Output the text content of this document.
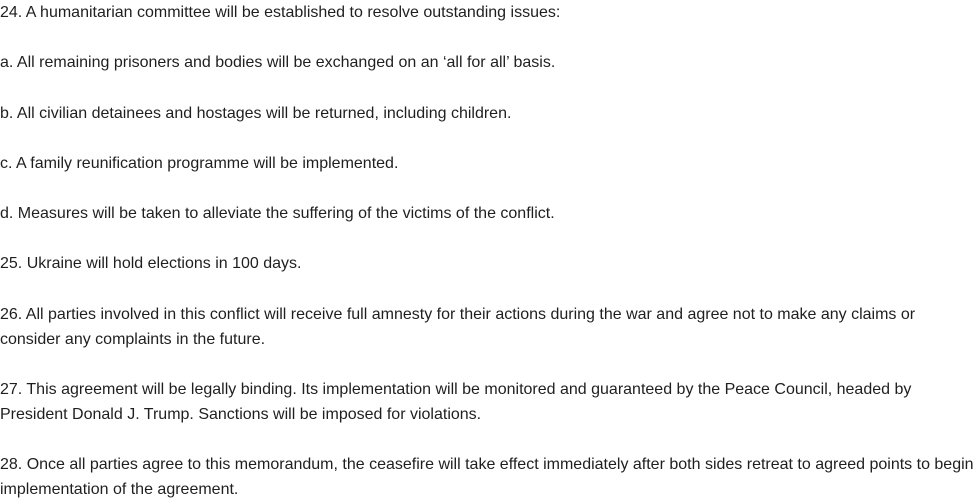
24. A humanitarian committee will be established to resolve outstanding issues:

a. All remaining prisoners and bodies will be exchanged on an ‘all for all’ basis.

b. All civilian detainees and hostages will be returned, including children.

c. A family reunification programme will be implemented.

d. Measures will be taken to alleviate the suffering of the victims of the conflict.

25. Ukraine will hold elections in 100 days.

26. All parties involved in this conflict will receive full amnesty for their actions during the war and agree not to make any claims or consider any complaints in the future.

27. This agreement will be legally binding. Its implementation will be monitored and guaranteed by the Peace Council, headed by President Donald J. Trump. Sanctions will be imposed for violations.

28. Once all parties agree to this memorandum, the ceasefire will take effect immediately after both sides retreat to agreed points to begin implementation of the agreement.
